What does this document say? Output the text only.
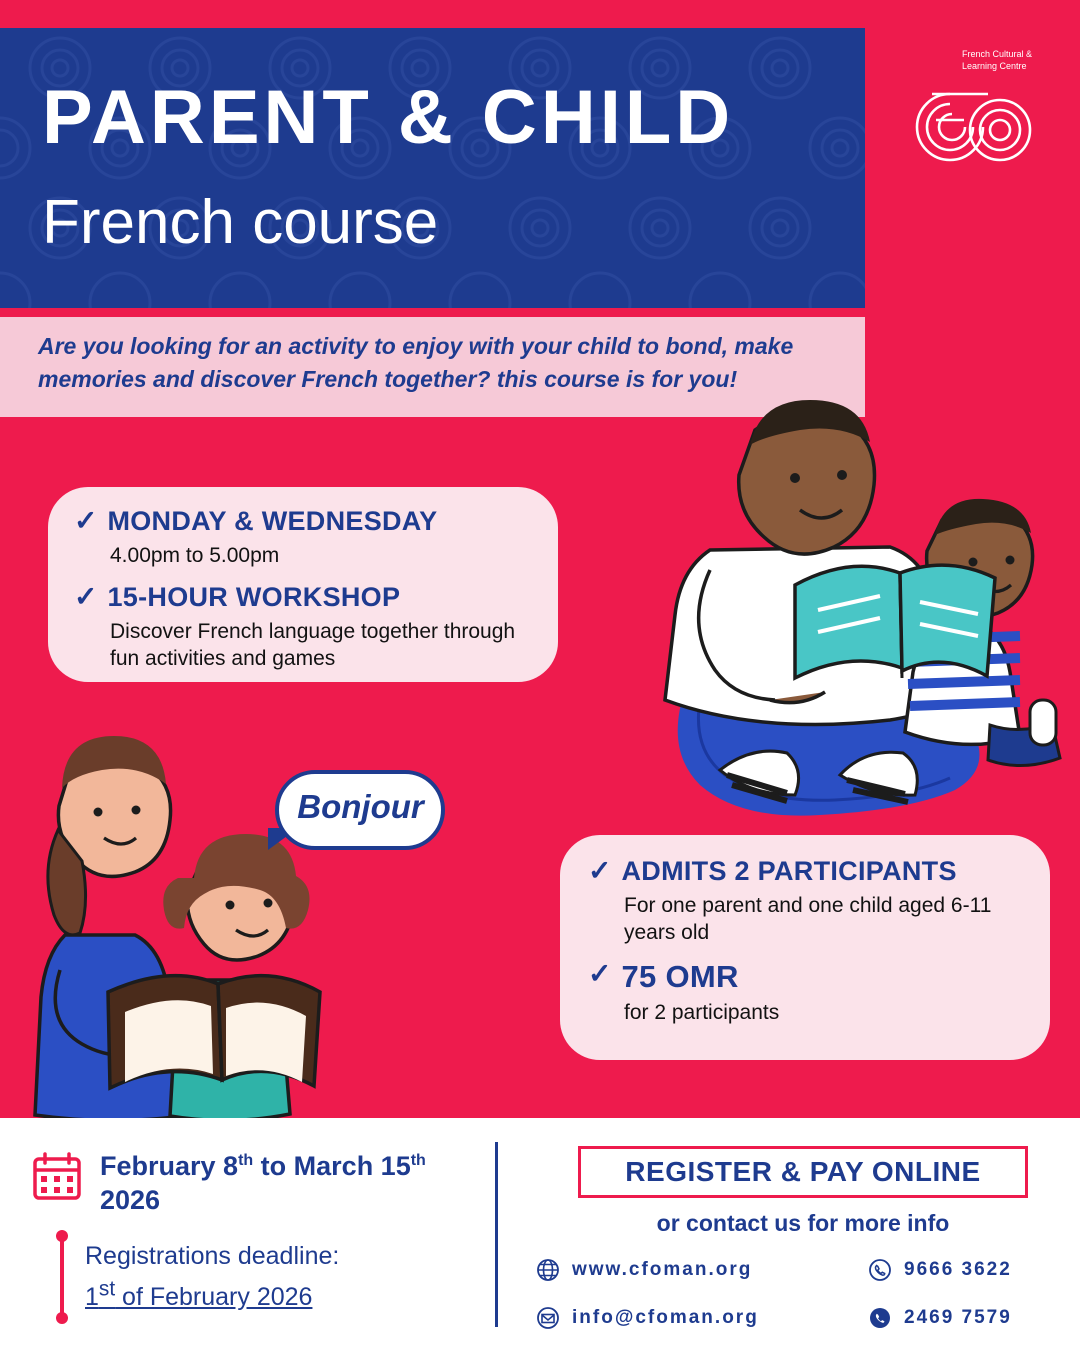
PARENT & CHILD
French course
French Cultural & Learning Centre
Are you looking for an activity to enjoy with your child to bond, make memories and discover French together? this course is for you!
✓ MONDAY & WEDNESDAY
4.00pm to 5.00pm
✓ 15-HOUR WORKSHOP
Discover French language together through fun activities and games
Bonjour
✓ ADMITS 2 PARTICIPANTS
For one parent and one child aged 6-11 years old
✓ 75 OMR
for 2 participants
February 8th to March 15th 2026
Registrations deadline:
1st of February 2026
REGISTER & PAY ONLINE
or contact us for more info
www.cfoman.org
info@cfoman.org
9666 3622
2469 7579
